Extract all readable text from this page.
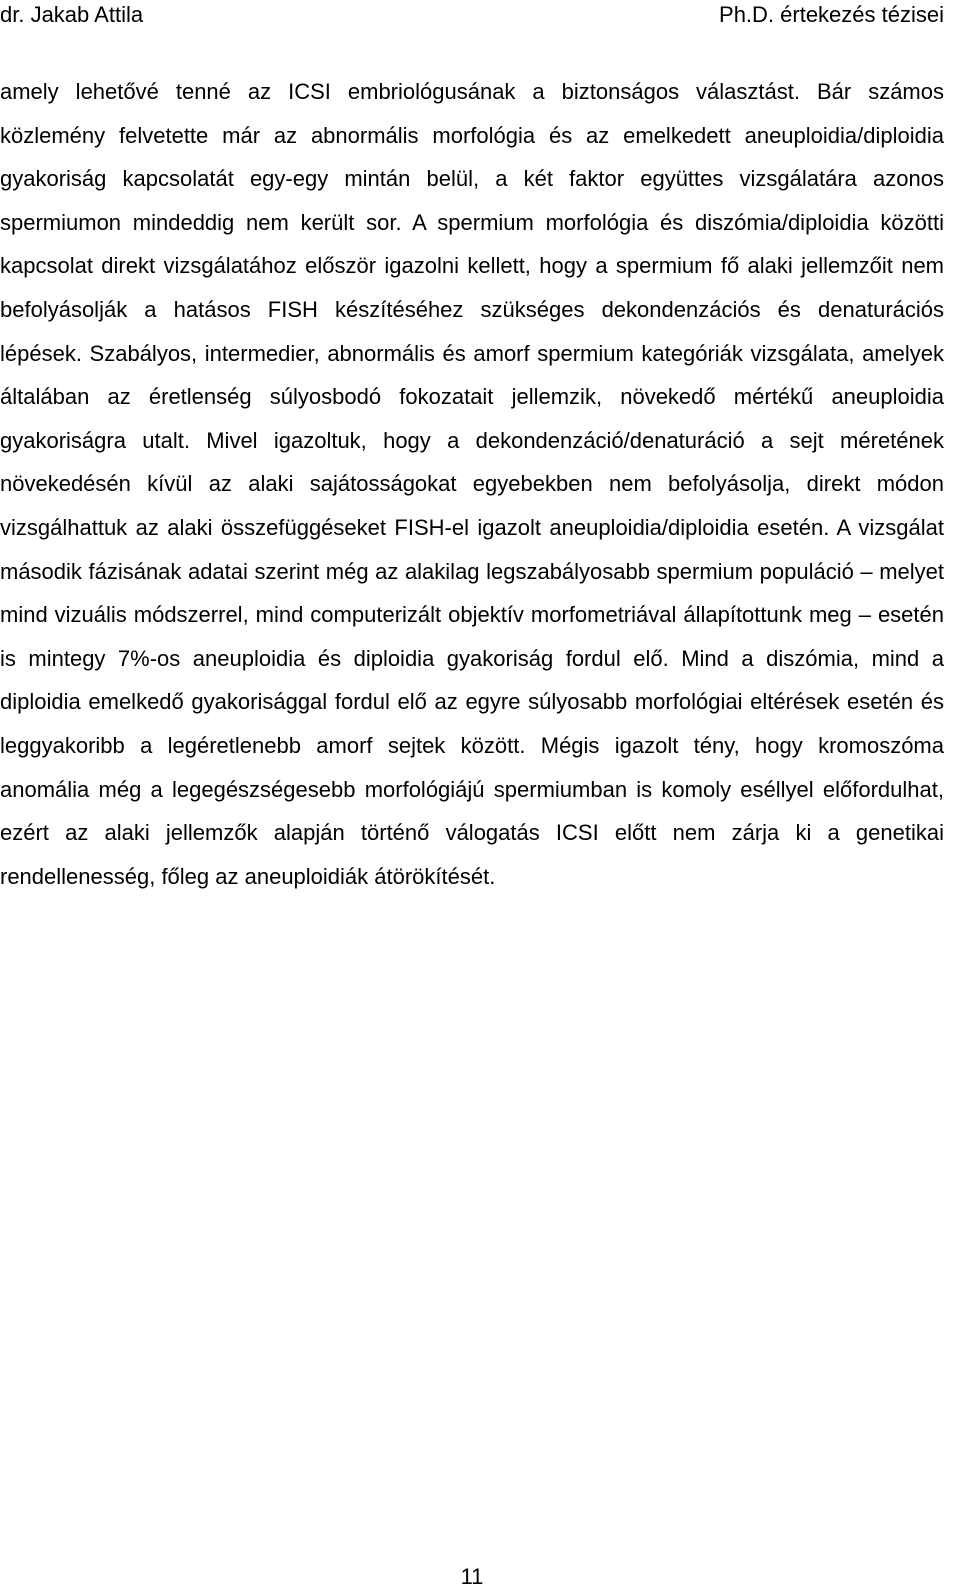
dr. Jakab Attila	Ph.D. értekezés tézisei

amely lehetővé tenné az ICSI embriológusának a biztonságos választást. Bár számos közlemény felvetette már az abnormális morfológia és az emelkedett aneuploidia/diploidia gyakoriság kapcsolatát egy-egy mintán belül, a két faktor együttes vizsgálatára azonos spermiumon mindeddig nem került sor. A spermium morfológia és diszómia/diploidia közötti kapcsolat direkt vizsgálatához először igazolni kellett, hogy a spermium fő alaki jellemzőit nem befolyásolják a hatásos FISH készítéséhez szükséges dekondenzációs és denaturációs lépések. Szabályos, intermedier, abnormális és amorf spermium kategóriák vizsgálata, amelyek általában az éretlenség súlyosbodó fokozatait jellemzik, növekedő mértékű aneuploidia gyakoriságra utalt. Mivel igazoltuk, hogy a dekondenzáció/denaturáció a sejt méretének növekedésén kívül az alaki sajátosságokat egyebekben nem befolyásolja, direkt módon vizsgálhattuk az alaki összefüggéseket FISH-el igazolt aneuploidia/diploidia esetén. A vizsgálat második fázisának adatai szerint még az alakilag legszabályosabb spermium populáció – melyet mind vizuális módszerrel, mind computerizált objektív morfometriával állapítottunk meg – esetén is mintegy 7%-os aneuploidia és diploidia gyakoriság fordul elő. Mind a diszómia, mind a diploidia emelkedő gyakorisággal fordul elő az egyre súlyosabb morfológiai eltérések esetén és leggyakoribb a legéretlenebb amorf sejtek között. Mégis igazolt tény, hogy kromoszóma anomália még a legegészségesebb morfológiájú spermiumban is komoly eséllyel előfordulhat, ezért az alaki jellemzők alapján történő válogatás ICSI előtt nem zárja ki a genetikai rendellenesség, főleg az aneuploidiák átörökítését.

11
